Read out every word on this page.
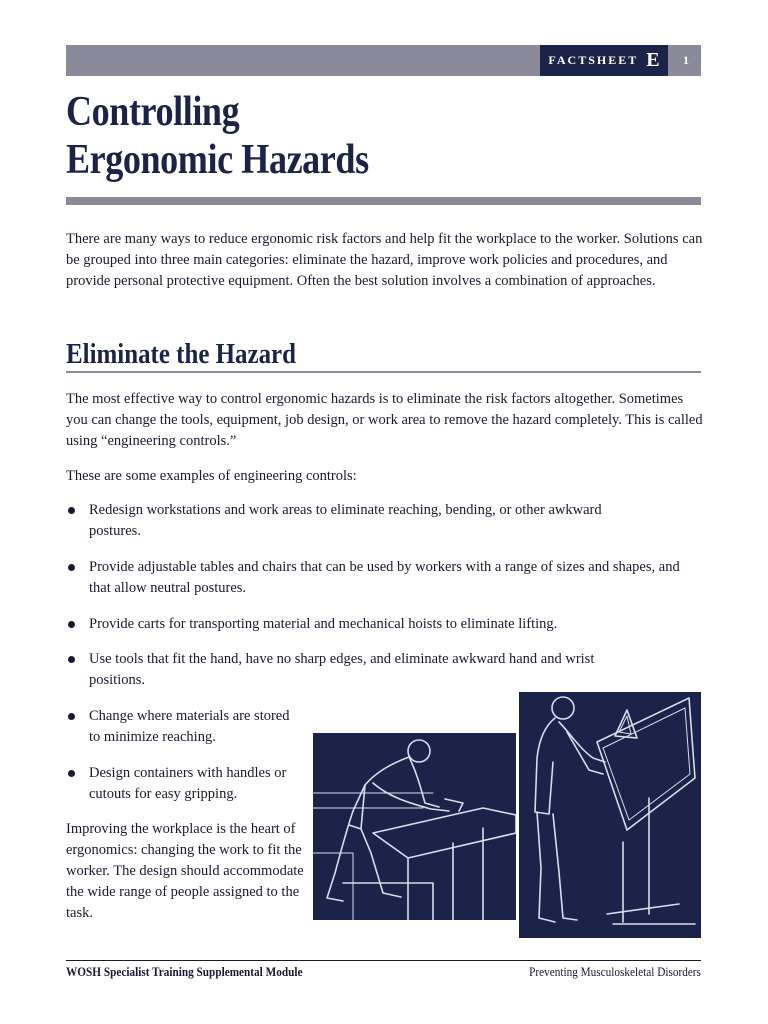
FACTSHEET E	1
Controlling
Ergonomic Hazards

There are many ways to reduce ergonomic risk factors and help fit the workplace to the worker. Solutions can be grouped into three main categories: eliminate the hazard, improve work policies and procedures, and provide personal protective equipment. Often the best solution involves a combination of approaches.

Eliminate the Hazard

The most effective way to control ergonomic hazards is to eliminate the risk factors altogether. Sometimes you can change the tools, equipment, job design, or work area to remove the hazard completely. This is called using “engineering controls.”

These are some examples of engineering controls:

Redesign workstations and work areas to eliminate reaching, bending, or other awkward postures.

Provide adjustable tables and chairs that can be used by workers with a range of sizes and shapes, and that allow neutral postures.

Provide carts for transporting material and mechanical hoists to eliminate lifting.

Use tools that fit the hand, have no sharp edges, and eliminate awkward hand and wrist positions.

Change where materials are stored to minimize reaching.

Design containers with handles or cutouts for easy gripping.

Improving the workplace is the heart of ergonomics: changing the work to fit the worker. The design should accommodate the wide range of people assigned to the task.

WOSH Specialist Training Supplemental Module	Preventing Musculoskeletal Disorders
